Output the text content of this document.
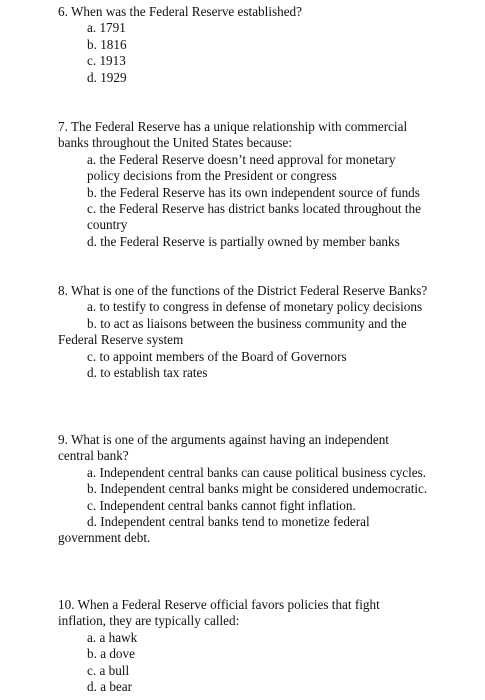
6. When was the Federal Reserve established?

a. 1791
b. 1816
c. 1913
d. 1929

7. The Federal Reserve has a unique relationship with commercial banks throughout the United States because:

a. the Federal Reserve doesn’t need approval for monetary policy decisions from the President or congress
b. the Federal Reserve has its own independent source of funds
c. the Federal Reserve has district banks located throughout the country
d. the Federal Reserve is partially owned by member banks

8. What is one of the functions of the District Federal Reserve Banks?

a. to testify to congress in defense of monetary policy decisions
b. to act as liaisons between the business community and the Federal Reserve system
c. to appoint members of the Board of Governors
d. to establish tax rates

9. What is one of the arguments against having an independent central bank?

a. Independent central banks can cause political business cycles.
b. Independent central banks might be considered undemocratic.
c. Independent central banks cannot fight inflation.
d. Independent central banks tend to monetize federal government debt.

10. When a Federal Reserve official favors policies that fight inflation, they are typically called:

a. a hawk
b. a dove
c. a bull
d. a bear
